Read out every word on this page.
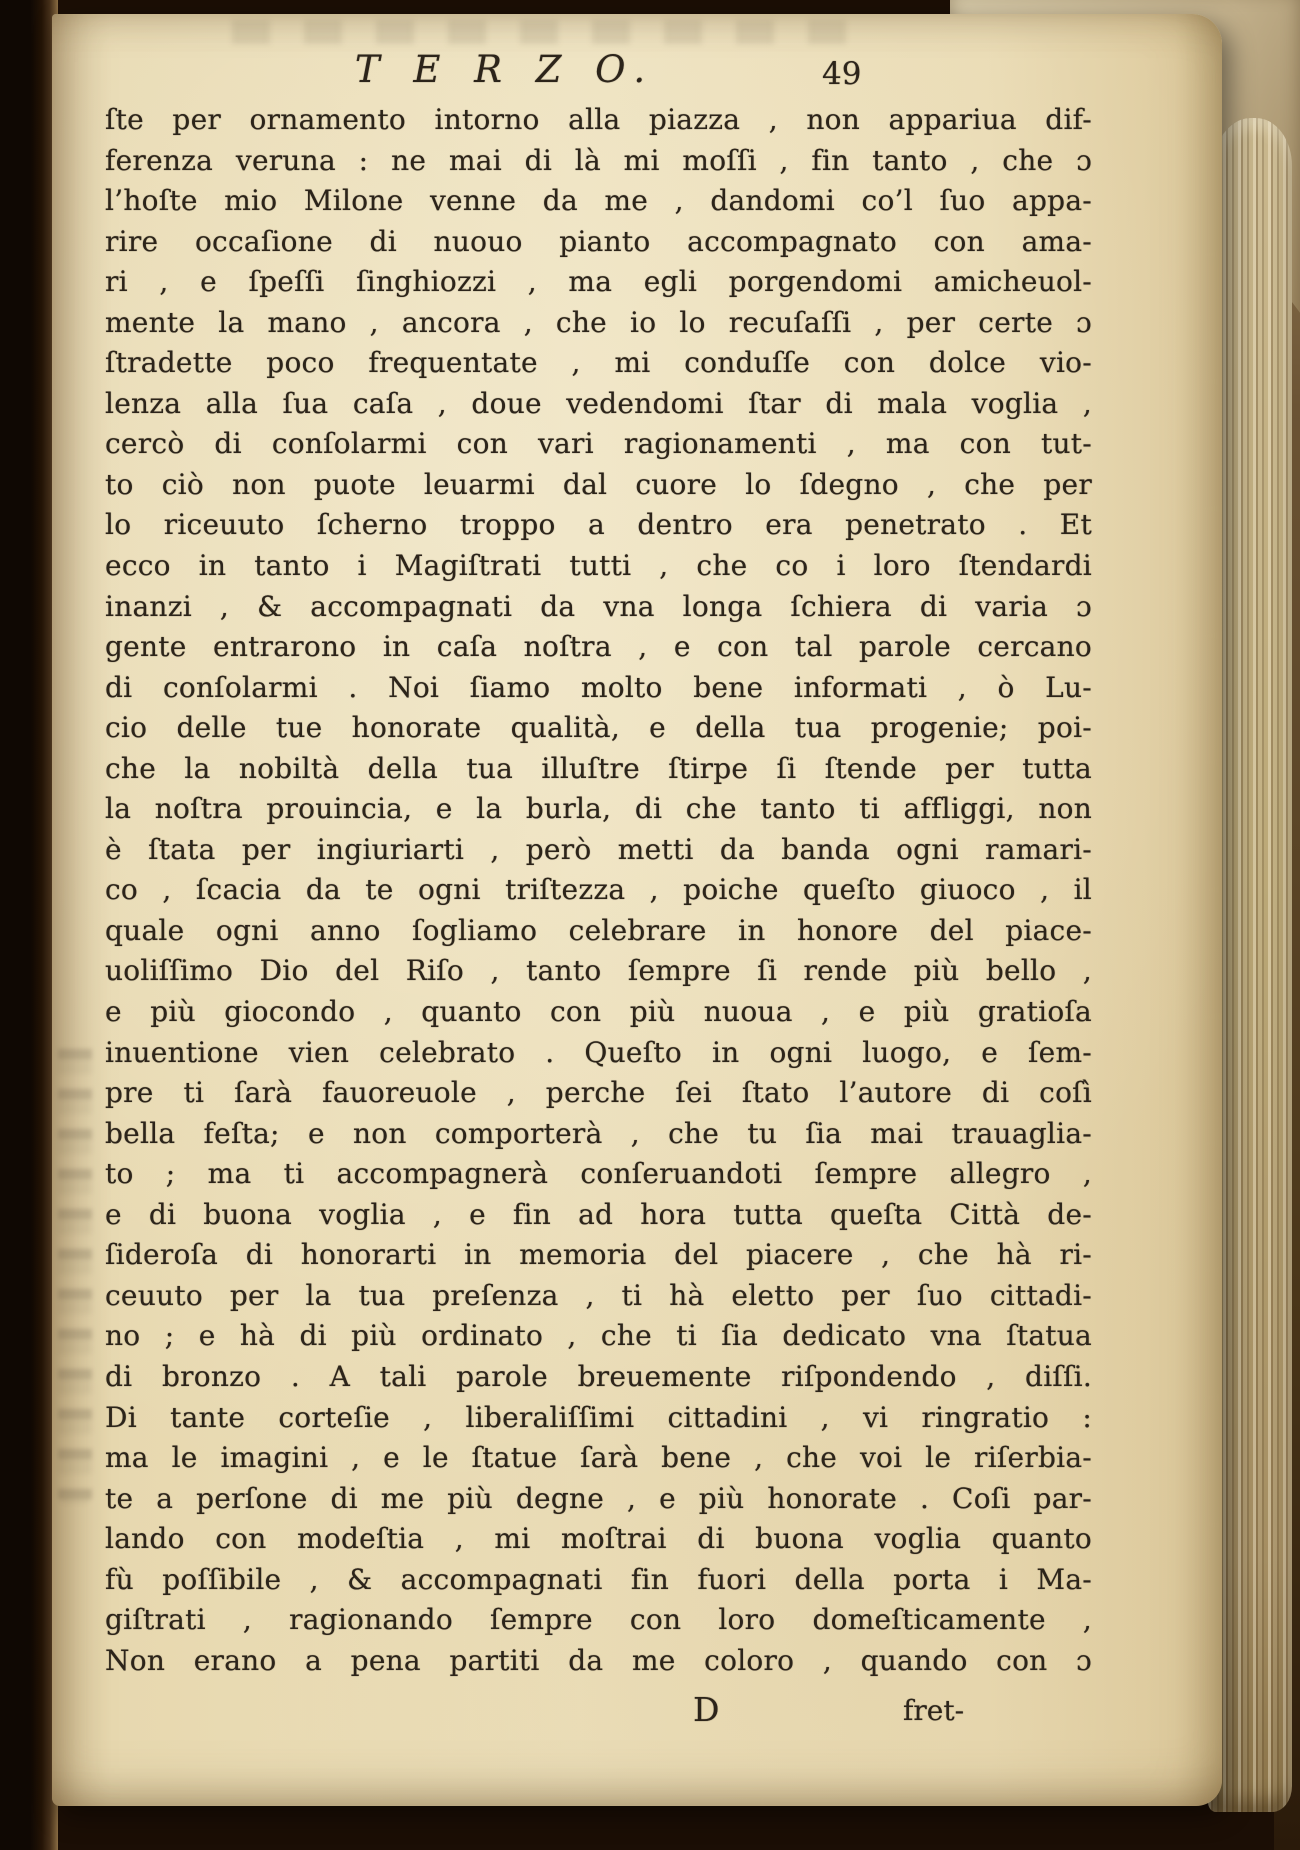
T E R Z O.	49
ſte per ornamento intorno alla piazza , non appariua dif-
ferenza veruna : ne mai di là mi moſſi , fin tanto , che ɔ
l’hoſte mio Milone venne da me , dandomi co’l ſuo appa-
rire occaſione di nuouo pianto accompagnato con ama-
ri , e ſpeſſi ſinghiozzi , ma egli porgendomi amicheuol-
mente la mano , ancora , che io lo recuſaſſi , per certe ɔ
ſtradette poco frequentate , mi conduſſe con dolce vio-
lenza alla ſua caſa , doue vedendomi ſtar di mala voglia ,
cercò di conſolarmi con vari ragionamenti , ma con tut-
to ciò non puote leuarmi dal cuore lo ſdegno , che per
lo riceuuto ſcherno troppo a dentro era penetrato . Et
ecco in tanto i Magiſtrati tutti , che co i loro ſtendardi
inanzi , & accompagnati da vna longa ſchiera di varia ɔ
gente entrarono in caſa noſtra , e con tal parole cercano
di conſolarmi . Noi ſiamo molto bene informati , ò Lu-
cio delle tue honorate qualità, e della tua progenie; poi-
che la nobiltà della tua illuſtre ſtirpe ſi ſtende per tutta
la noſtra prouincia, e la burla, di che tanto ti affliggi, non
è ſtata per ingiuriarti , però metti da banda ogni ramari-
co , ſcacia da te ogni triſtezza , poiche queſto giuoco , il
quale ogni anno ſogliamo celebrare in honore del piace-
uoliſſimo Dio del Riſo , tanto ſempre ſi rende più bello ,
e più giocondo , quanto con più nuoua , e più gratioſa
inuentione vien celebrato . Queſto in ogni luogo, e ſem-
pre ti ſarà fauoreuole , perche ſei ſtato l’autore di coſì
bella feſta; e non comporterà , che tu ſia mai trauaglia-
to ; ma ti accompagnerà conſeruandoti ſempre allegro ,
e di buona voglia , e fin ad hora tutta queſta Città de-
ſideroſa di honorarti in memoria del piacere , che hà ri-
ceuuto per la tua preſenza , ti hà eletto per ſuo cittadi-
no ; e hà di più ordinato , che ti ſia dedicato vna ſtatua
di bronzo . A tali parole breuemente riſpondendo , diſſi.
Di tante corteſie , liberaliſſimi cittadini , vi ringratio :
ma le imagini , e le ſtatue ſarà bene , che voi le riſerbia-
te a perſone di me più degne , e più honorate . Coſi par-
lando con modeſtia , mi moſtrai di buona voglia quanto
fù poſſibile , & accompagnati fin fuori della porta i Ma-
giſtrati , ragionando ſempre con loro domeſticamente ,
Non erano a pena partiti da me coloro , quando con ɔ
D	fret-
